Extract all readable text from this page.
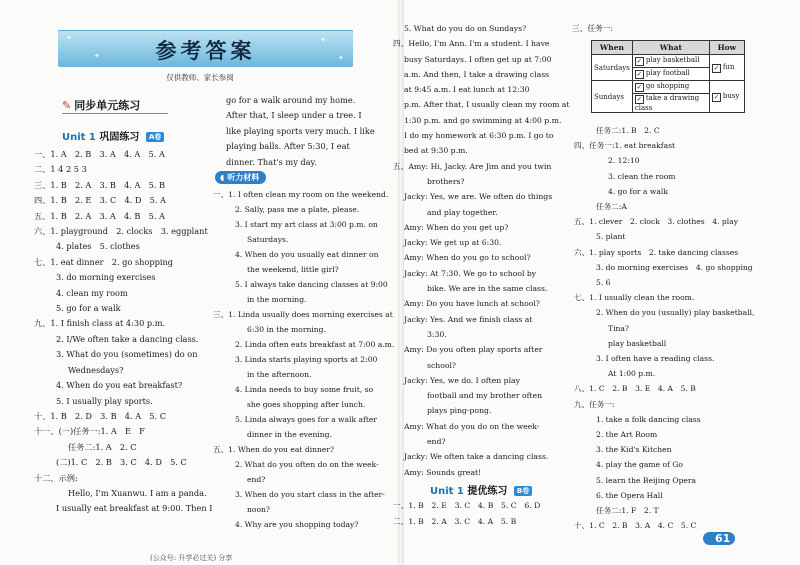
✦
✦
✦
✦
参考答案
仅供教师、家长参阅
✎ 同步单元练习
Unit 1 巩固练习 A卷
一、1. A　2. B　3. A　4. A　5. A
二、1 4 2 5 3
三、1. B　2. A　3. B　4. A　5. B
四、1. B　2. E　3. C　4. D　5. A
五、1. B　2. A　3. A　4. B　5. A
六、1. playground　2. clocks　3. eggplant
4. plates　5. clothes
七、1. eat dinner　2. go shopping
3. do morning exercises
4. clean my room
5. go for a walk
九、1. I finish class at 4:30 p.m.
2. I/We often take a dancing class.
3. What do you (sometimes) do on
Wednesdays?
4. When do you eat breakfast?
5. I usually play sports.
十、1. B　2. D　3. B　4. A　5. C
十一、(一)任务一:1. A　E　F
任务二:1. A　2. C
(二)1. C　2. B　3. C　4. D　5. C
十二、示例:
Hello, I'm Xuanwu. I am a panda.
I usually eat breakfast at 9:00. Then I
go for a walk around my home.
After that, I sleep under a tree. I
like playing sports very much. I like
playing balls. After 5:30, I eat
dinner. That's my day.
◖ 听力材料
一、1. I often clean my room on the weekend.
2. Sally, pass me a plate, please.
3. I start my art class at 3:00 p.m. on
Saturdays.
4. When do you usually eat dinner on
the weekend, little girl?
5. I always take dancing classes at 9:00
in the morning.
三、1. Linda usually does morning exercises at
6:30 in the morning.
2. Linda often eats breakfast at 7:00 a.m.
3. Linda starts playing sports at 2:00
in the afternoon.
4. Linda needs to buy some fruit, so
she goes shopping after lunch.
5. Linda always goes for a walk after
dinner in the evening.
五、1. When do you eat dinner?
2. What do you often do on the week-
end?
3. When do you start class in the after-
noon?
4. Why are you shopping today?
5. What do you do on Sundays?
四、Hello, I'm Ann. I'm a student. I have
busy Saturdays. I often get up at 7:00
a.m. And then, I take a drawing class
at 9:45 a.m. I eat lunch at 12:30
p.m. After that, I usually clean my room at
1:30 p.m. and go swimming at 4:00 p.m.
I do my homework at 6:30 p.m. I go to
bed at 9:30 p.m.
五、Amy: Hi, Jacky. Are Jim and you twin
brothers?
Jacky: Yes, we are. We often do things
and play together.
Amy: When do you get up?
Jacky: We get up at 6:30.
Amy: When do you go to school?
Jacky: At 7:30. We go to school by
bike. We are in the same class.
Amy: Do you have lunch at school?
Jacky: Yes. And we finish class at
3:30.
Amy: Do you often play sports after
school?
Jacky: Yes, we do. I often play
football and my brother often
plays ping-pong.
Amy: What do you do on the week-
end?
Jacky: We often take a dancing class.
Amy: Sounds great!
Unit 1 提优练习 B卷
一、1. B　2. E　3. C　4. B　5. C　6. D
二、1. B　2. A　3. C　4. A　5. B
三、任务一:
When	What	How
Saturdays	✓ play basketball	✓ fun
	✓ play football	
Sundays	✓ go shopping	✓ busy
	✓ take a drawing class	
任务二:1. B　2. C
四、任务一:1. eat breakfast
2. 12:10
3. clean the room
4. go for a walk
任务二:A
五、1. clever　2. clock　3. clothes　4. play
5. plant
六、1. play sports　2. take dancing classes
3. do morning exercises　4. go shopping
5. 6
七、1. I usually clean the room.
2. When do you (usually) play basketball,
Tina?
play basketball
3. I often have a reading class.
At 1:00 p.m.
八、1. C　2. B　3. E　4. A　5. B
九、任务一:
1. take a folk dancing class
2. the Art Room
3. the Kid's Kitchen
4. play the game of Go
5. learn the Beijing Opera
6. the Opera Hall
任务二:1. F　2. T
十、1. C　2. B　3. A　4. C　5. C
61
(公众号: 升学必过关) 分享
